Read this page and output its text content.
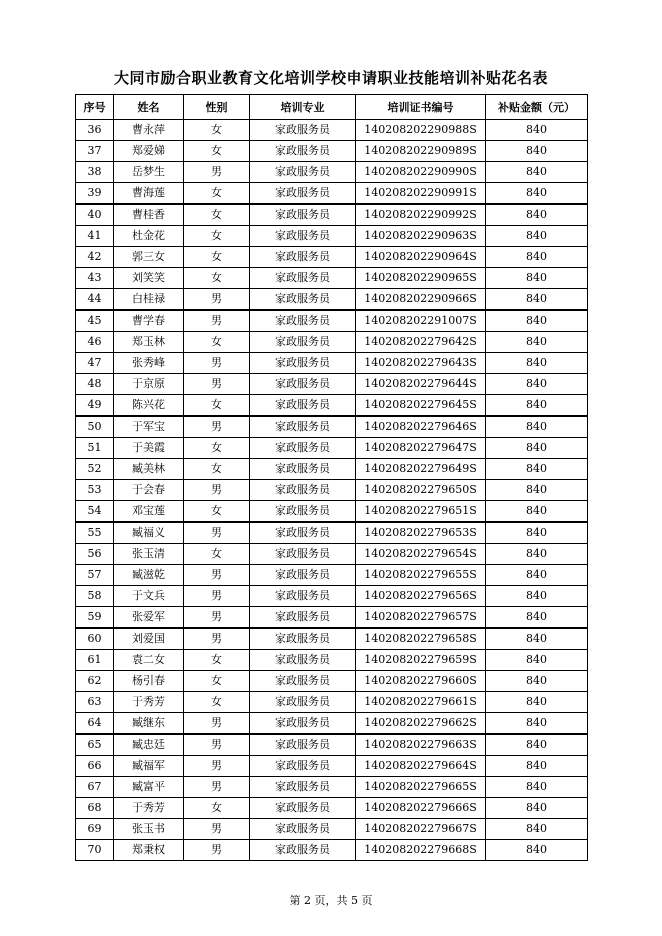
大同市励合职业教育文化培训学校申请职业技能培训补贴花名表
序号	姓名	性别	培训专业	培训证书编号	补贴金额（元）
36	曹永萍	女	家政服务员	140208202290988S	840
37	郑爱娣	女	家政服务员	140208202290989S	840
38	岳梦生	男	家政服务员	140208202290990S	840
39	曹海莲	女	家政服务员	140208202290991S	840
40	曹桂香	女	家政服务员	140208202290992S	840
41	杜金花	女	家政服务员	140208202290963S	840
42	郭三女	女	家政服务员	140208202290964S	840
43	刘笑笑	女	家政服务员	140208202290965S	840
44	白桂禄	男	家政服务员	140208202290966S	840
45	曹学春	男	家政服务员	140208202291007S	840
46	郑玉林	女	家政服务员	140208202279642S	840
47	张秀峰	男	家政服务员	140208202279643S	840
48	于京原	男	家政服务员	140208202279644S	840
49	陈兴花	女	家政服务员	140208202279645S	840
50	于军宝	男	家政服务员	140208202279646S	840
51	于美霞	女	家政服务员	140208202279647S	840
52	臧美林	女	家政服务员	140208202279649S	840
53	于会春	男	家政服务员	140208202279650S	840
54	邓宝莲	女	家政服务员	140208202279651S	840
55	臧福义	男	家政服务员	140208202279653S	840
56	张玉清	女	家政服务员	140208202279654S	840
57	臧滋乾	男	家政服务员	140208202279655S	840
58	于文兵	男	家政服务员	140208202279656S	840
59	张爱军	男	家政服务员	140208202279657S	840
60	刘爱国	男	家政服务员	140208202279658S	840
61	袁二女	女	家政服务员	140208202279659S	840
62	杨引春	女	家政服务员	140208202279660S	840
63	于秀芳	女	家政服务员	140208202279661S	840
64	臧继东	男	家政服务员	140208202279662S	840
65	臧忠廷	男	家政服务员	140208202279663S	840
66	臧福军	男	家政服务员	140208202279664S	840
67	臧富平	男	家政服务员	140208202279665S	840
68	于秀芳	女	家政服务员	140208202279666S	840
69	张玉书	男	家政服务员	140208202279667S	840
70	郑秉权	男	家政服务员	140208202279668S	840
第 2 页，共 5 页
